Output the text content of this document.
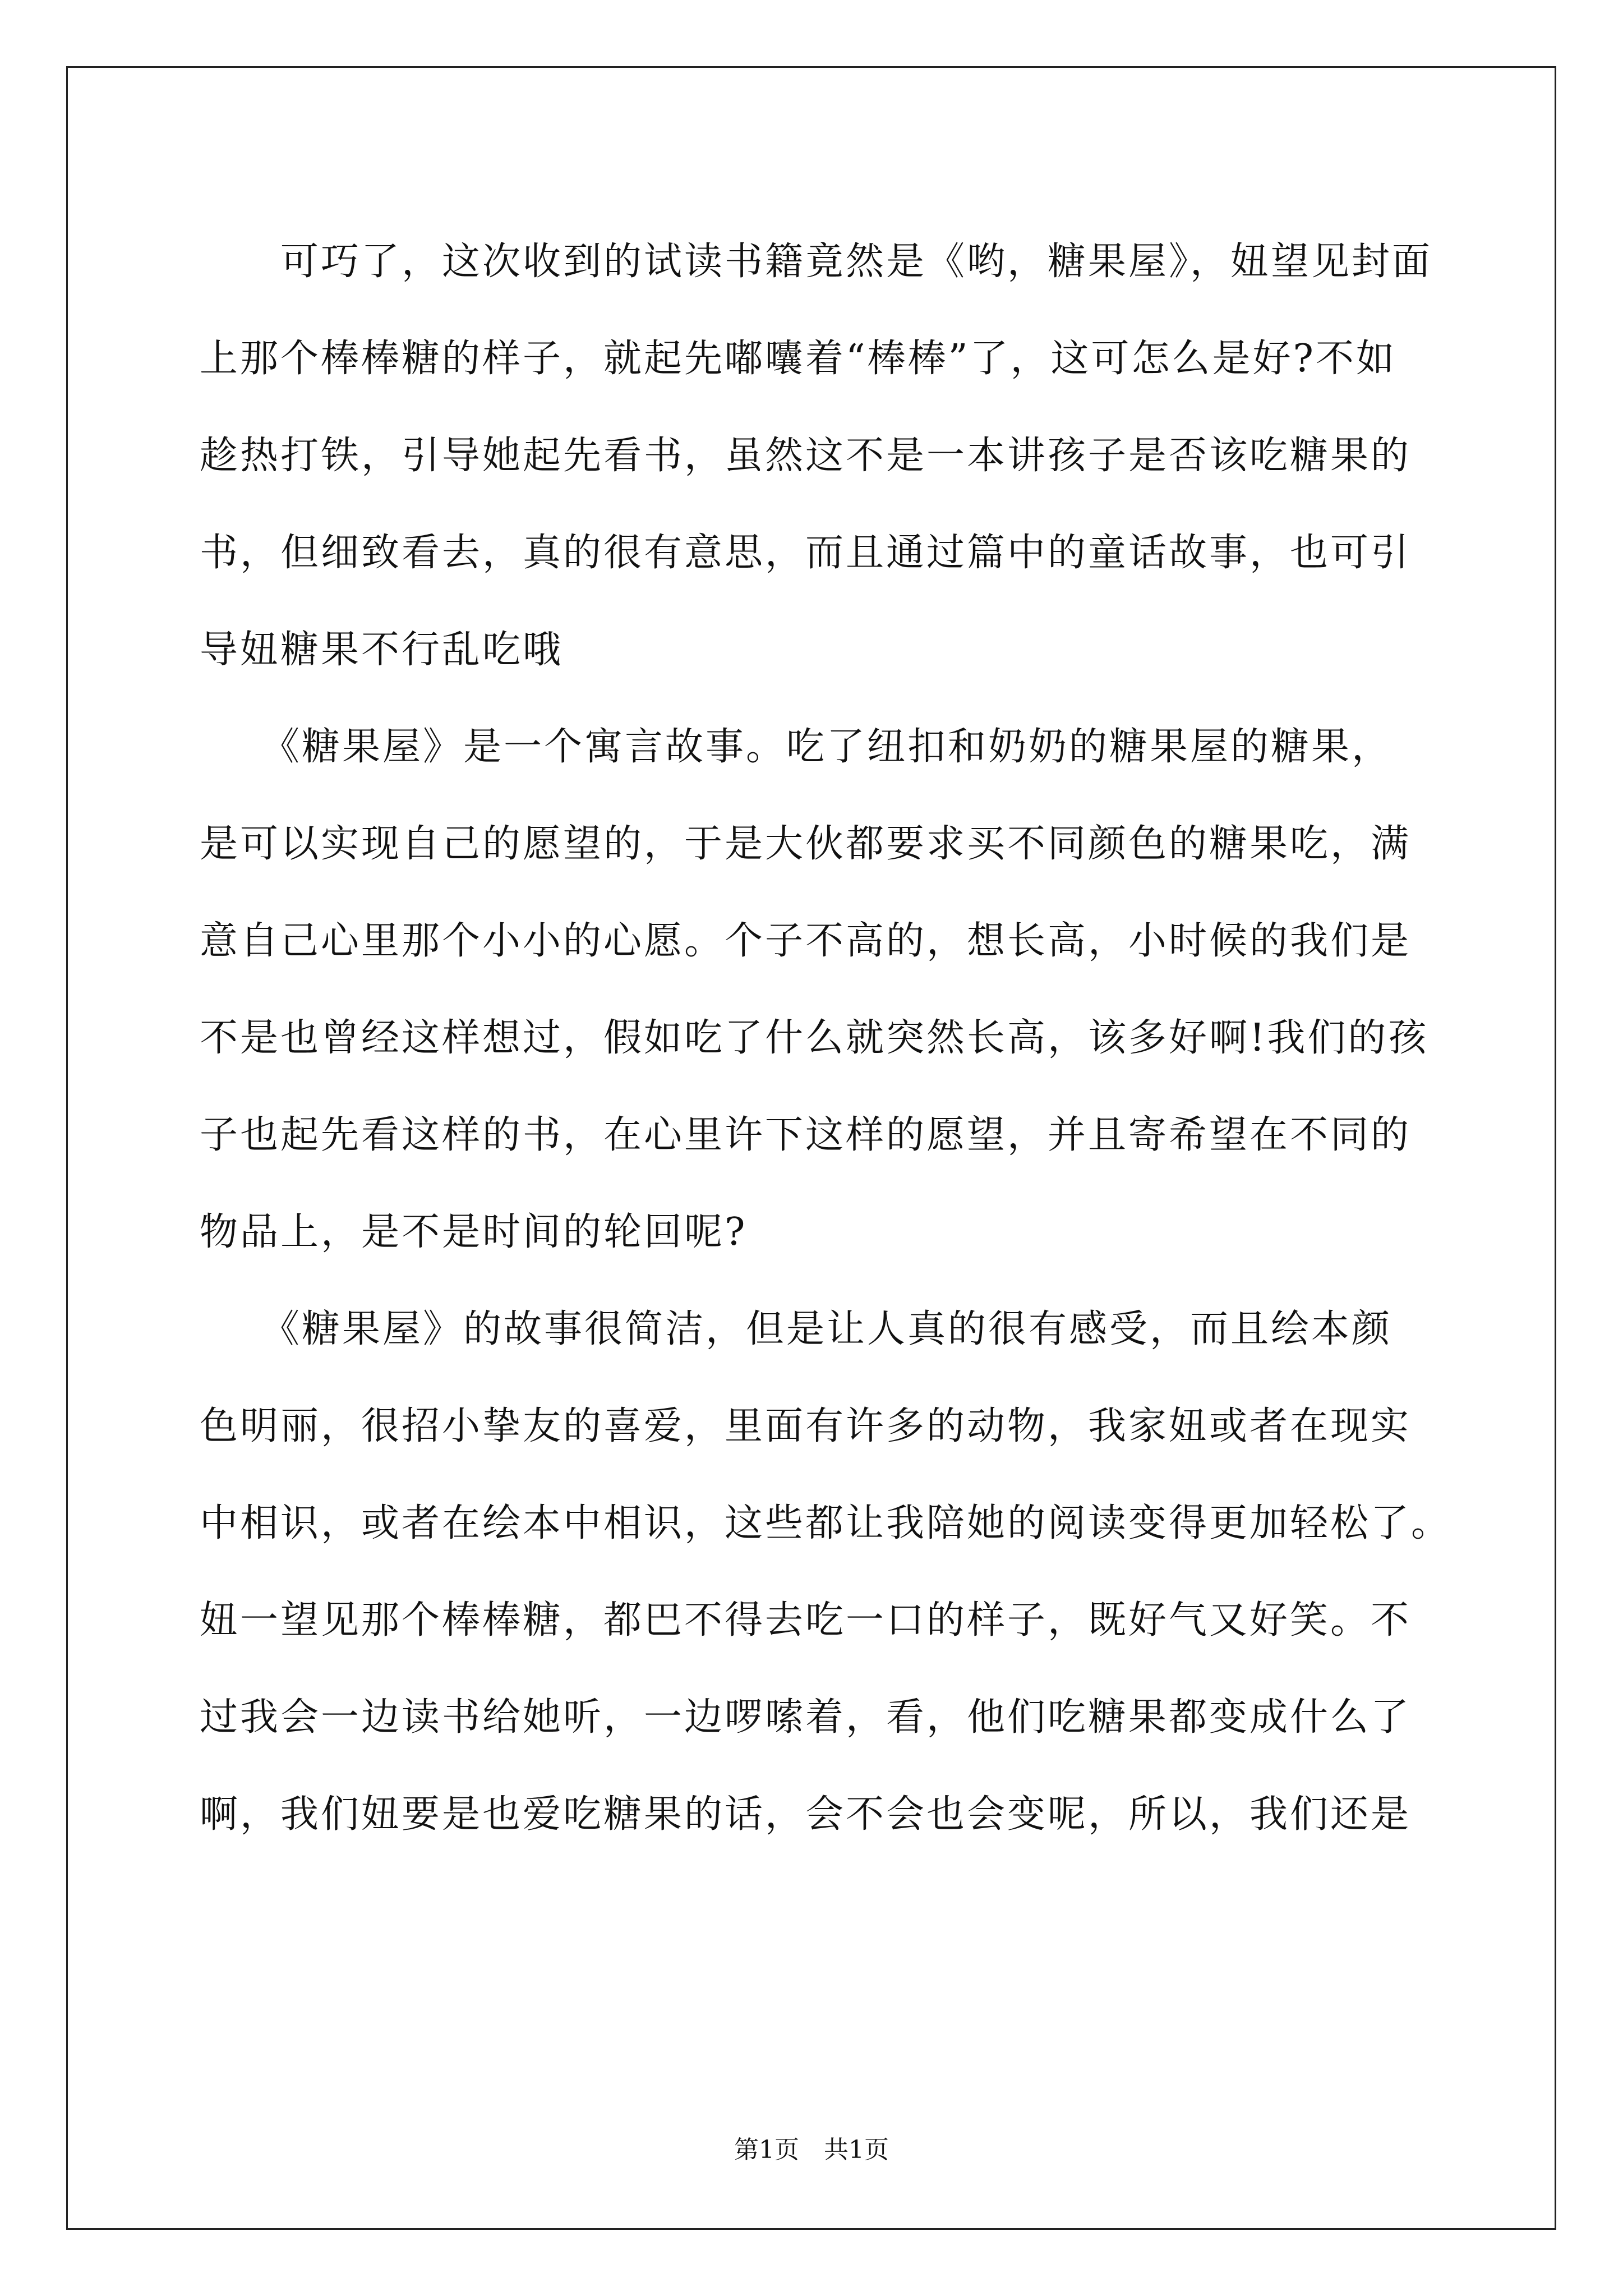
　　可巧了，这次收到的试读书籍竟然是《哟，糖果屋》，妞望见封面
上那个棒棒糖的样子，就起先嘟囔着“棒棒”了，这可怎么是好?不如
趁热打铁，引导她起先看书，虽然这不是一本讲孩子是否该吃糖果的
书，但细致看去，真的很有意思，而且通过篇中的童话故事，也可引
导妞糖果不行乱吃哦
　　《糖果屋》是一个寓言故事。吃了纽扣和奶奶的糖果屋的糖果，
是可以实现自己的愿望的，于是大伙都要求买不同颜色的糖果吃，满
意自己心里那个小小的心愿。个子不高的，想长高，小时候的我们是
不是也曾经这样想过，假如吃了什么就突然长高，该多好啊!我们的孩
子也起先看这样的书，在心里许下这样的愿望，并且寄希望在不同的
物品上，是不是时间的轮回呢?
　　《糖果屋》的故事很简洁，但是让人真的很有感受，而且绘本颜
色明丽，很招小挚友的喜爱，里面有许多的动物，我家妞或者在现实
中相识，或者在绘本中相识，这些都让我陪她的阅读变得更加轻松了。
妞一望见那个棒棒糖，都巴不得去吃一口的样子，既好气又好笑。不
过我会一边读书给她听，一边啰嗦着，看，他们吃糖果都变成什么了
啊，我们妞要是也爱吃糖果的话，会不会也会变呢，所以，我们还是
第1页 共1页
